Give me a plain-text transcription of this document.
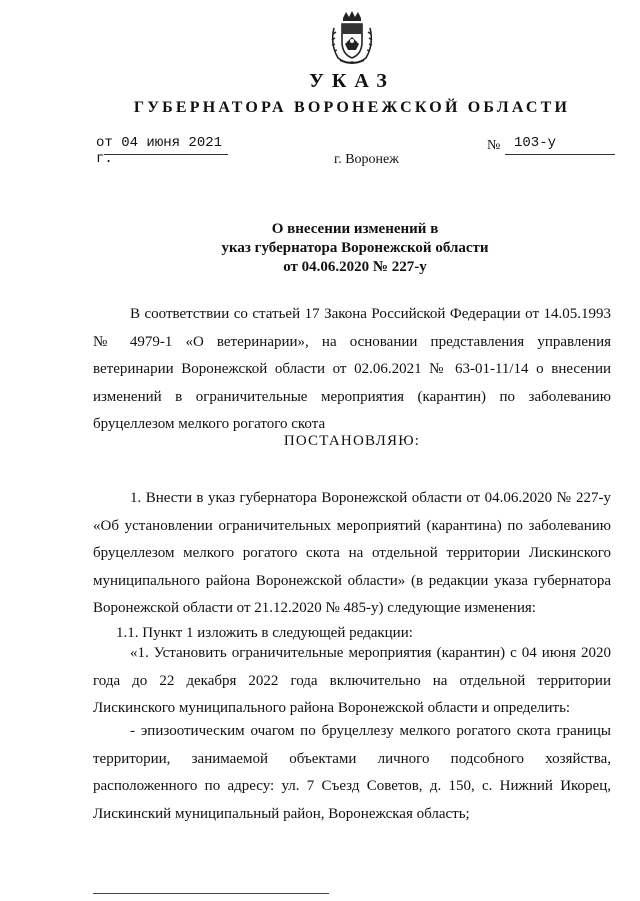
УКАЗ
ГУБЕРНАТОРА ВОРОНЕЖСКОЙ ОБЛАСТИ
от 04 июня 2021 г.
№ 103-у
г. Воронеж
О внесении изменений в
указ губернатора Воронежской области
от 04.06.2020 № 227-у
В соответствии со статьей 17 Закона Российской Федерации от 14.05.1993 № 4979-1 «О ветеринарии», на основании представления управления ветеринарии Воронежской области от 02.06.2021 № 63-01-11/14 о внесении изменений в ограничительные мероприятия (карантин) по заболеванию бруцеллезом мелкого рогатого скота
ПОСТАНОВЛЯЮ:
1. Внести в указ губернатора Воронежской области от 04.06.2020 № 227-у «Об установлении ограничительных мероприятий (карантина) по заболеванию бруцеллезом мелкого рогатого скота на отдельной территории Лискинского муниципального района Воронежской области» (в редакции указа губернатора Воронежской области от 21.12.2020 № 485-у) следующие изменения:
1.1. Пункт 1 изложить в следующей редакции:
«1. Установить ограничительные мероприятия (карантин) с 04 июня 2020 года до 22 декабря 2022 года включительно на отдельной территории Лискинского муниципального района Воронежской области и определить:
- эпизоотическим очагом по бруцеллезу мелкого рогатого скота границы территории, занимаемой объектами личного подсобного хозяйства, расположенного по адресу: ул. 7 Съезд Советов, д. 150, с. Нижний Икорец, Лискинский муниципальный район, Воронежская область;
